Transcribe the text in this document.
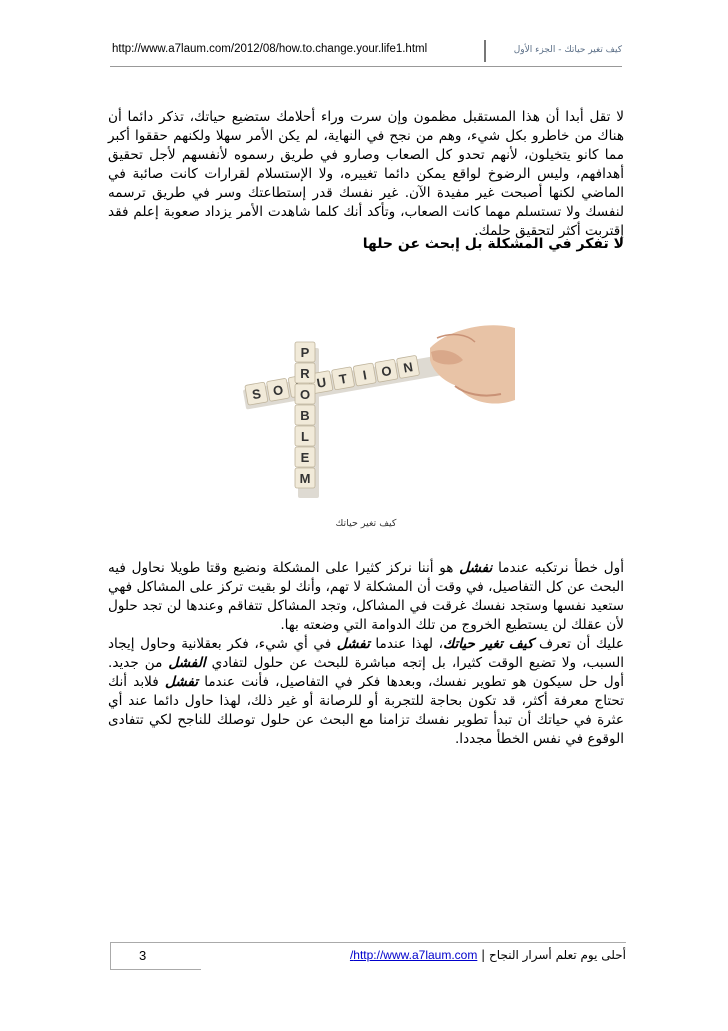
http://www.a7laum.com/2012/08/how.to.change.your.life1.html	كيف تغير حياتك - الجزء الأول

لا تقل أبدا أن هذا المستقبل مظمون وإن سرت وراء أحلامك ستضيع حياتك، تذكر دائما أن هناك من خاطرو بكل شيء، وهم من نجح في النهاية، لم يكن الأمر سهلا ولكنهم حققوا أكبر مما كانو يتخيلون، لأنهم تحدو كل الصعاب وصارو في طريق رسموه لأنفسهم لأجل تحقيق أهدافهم، وليس الرضوخ لواقع يمكن دائما تغييره، ولا الإستسلام لقرارات كانت صائبة في الماضي لكنها أصبحت غير مفيدة الآن. غير نفسك قدر إستطاعتك وسر في طريق ترسمه لنفسك ولا تستسلم مهما كانت الصعاب، وتأكد أنك كلما شاهدت الأمر يزداد صعوبة إعلم فقد إقتربت أكثر لتحقيق حلمك.

لا تفكر في المشكلة بل إبحث عن حلها
S O U T I O N
P
R
O
B
L
E
M
كيف تغير حياتك

أول خطأ نرتكبه عندما نفشل هو أننا نركز كثيرا على المشكلة ونضيع وقتا طويلا نحاول فيه البحث عن كل التفاصيل، في وقت أن المشكلة لا تهم، وأنك لو بقيت تركز على المشاكل فهي ستعيد نفسها وستجد نفسك غرقت في المشاكل، وتجد المشاكل تتفاقم وعندها لن تجد حلول لأن عقلك لن يستطيع الخروج من تلك الدوامة التي وضعته بها.
عليك أن تعرف كيف تغير حياتك، لهذا عندما تفشل في أي شيء، فكر بعقلانية وحاول إيجاد السبب، ولا تضيع الوقت كثيرا، بل إتجه مباشرة للبحث عن حلول لتفادي الفشل من جديد. أول حل سيكون هو تطوير نفسك، وبعدها فكر في التفاصيل، فأنت عندما تفشل فلابد أنك تحتاج معرفة أكثر، قد تكون بحاجة للتجربة أو للرصانة أو غير ذلك، لهذا حاول دائما عند أي عثرة في حياتك أن تبدأ تطوير نفسك تزامنا مع البحث عن حلول توصلك للناجح لكي تتفادى الوقوع في نفس الخطأ مجددا.

3	أحلى يوم تعلم أسرار النجاح | http://www.a7laum.com/
